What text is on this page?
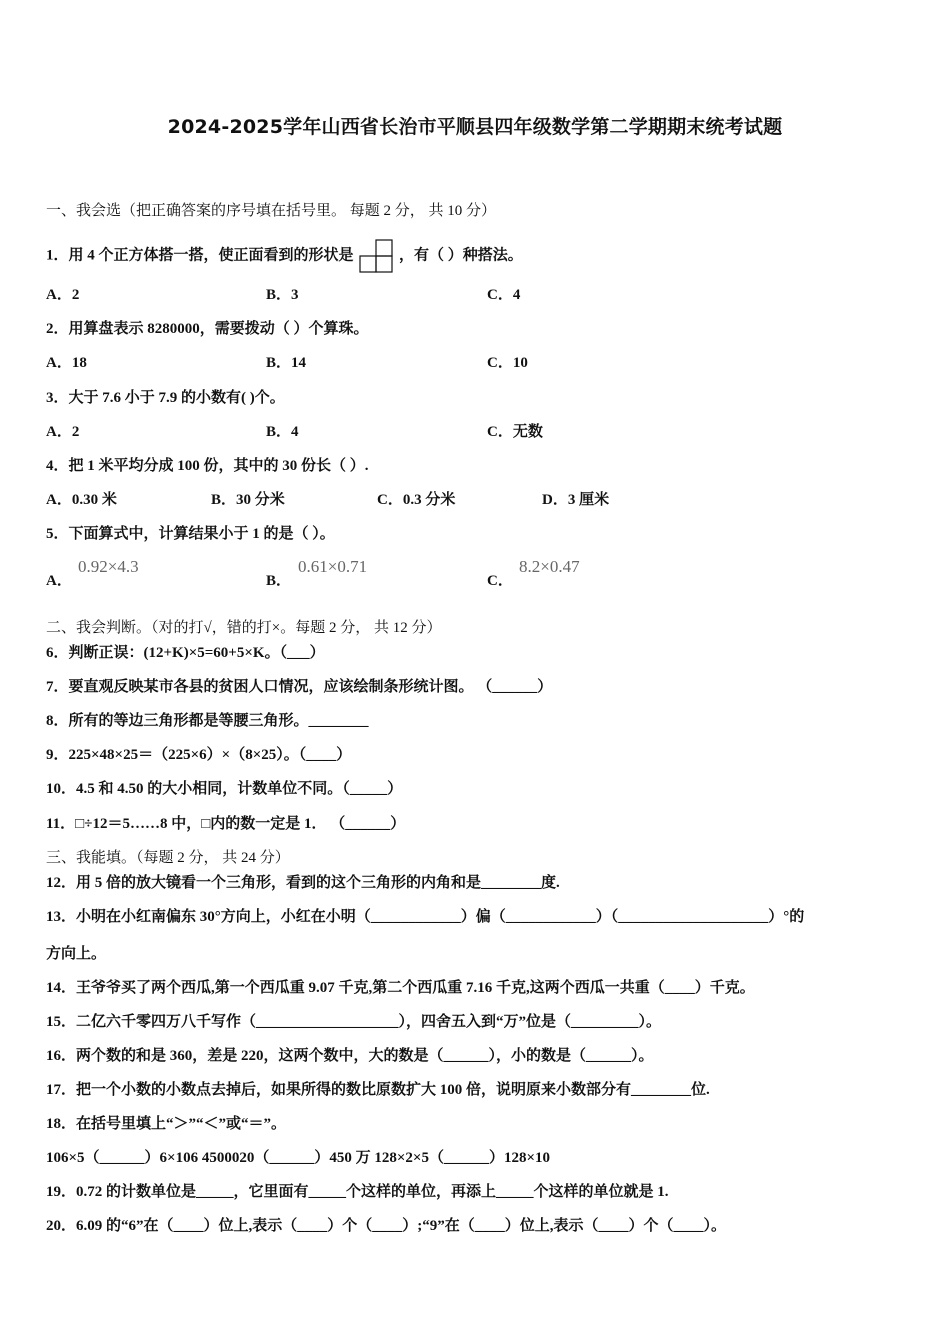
2024-2025学年山西省长治市平顺县四年级数学第二学期期末统考试题
一、我会选（把正确答案的序号填在括号里。 每题 2 分， 共 10 分）
1．用 4 个正方体搭一搭，使正面看到的形状是	，有（ ）种搭法。
A．2	B．3	C．4
2．用算盘表示 8280000，需要拨动（ ）个算珠。
A．18	B．14	C．10
3．大于 7.6 小于 7.9 的小数有( )个。
A．2	B．4	C．无数
4．把 1 米平均分成 100 份，其中的 30 份长（ ）.
A．0.30 米	B．30 分米	C．0.3 分米	D．3 厘米
5．下面算式中，计算结果小于 1 的是（ ）。
A．
0.92×4.3
B．
0.61×0.71
C．
8.2×0.47
二、我会判断。（对的打√，错的打×。每题 2 分， 共 12 分）
6．判断正误：(12+K)×5=60+5×K。（___）
7．要直观反映某市各县的贫困人口情况，应该绘制条形统计图。 （______）
8．所有的等边三角形都是等腰三角形。________
9．225×48×25＝（225×6）×（8×25）。（____）
10．4.5 和 4.50 的大小相同，计数单位不同。（_____）
11．□÷12＝5……8 中，□内的数一定是 1． （______）
三、我能填。（每题 2 分， 共 24 分）
12．用 5 倍的放大镜看一个三角形，看到的这个三角形的内角和是________度.
13．小明在小红南偏东 30°方向上，小红在小明（____________）偏（____________）（____________________）°的
方向上。
14．王爷爷买了两个西瓜,第一个西瓜重 9.07 千克,第二个西瓜重 7.16 千克,这两个西瓜一共重（____）千克。
15．二亿六千零四万八千写作（___________________），四舍五入到“万”位是（_________）。
16．两个数的和是 360，差是 220，这两个数中，大的数是（______），小的数是（______）。
17．把一个小数的小数点去掉后，如果所得的数比原数扩大 100 倍，说明原来小数部分有________位.
18．在括号里填上“＞”“＜”或“＝”。
106×5（______）6×106 4500020（______）450 万 128×2×5（______）128×10
19．0.72 的计数单位是_____，它里面有_____个这样的单位，再添上_____个这样的单位就是 1.
20．6.09 的“6”在（____）位上,表示（____）个（____）;“9”在（____）位上,表示（____）个（____）。
